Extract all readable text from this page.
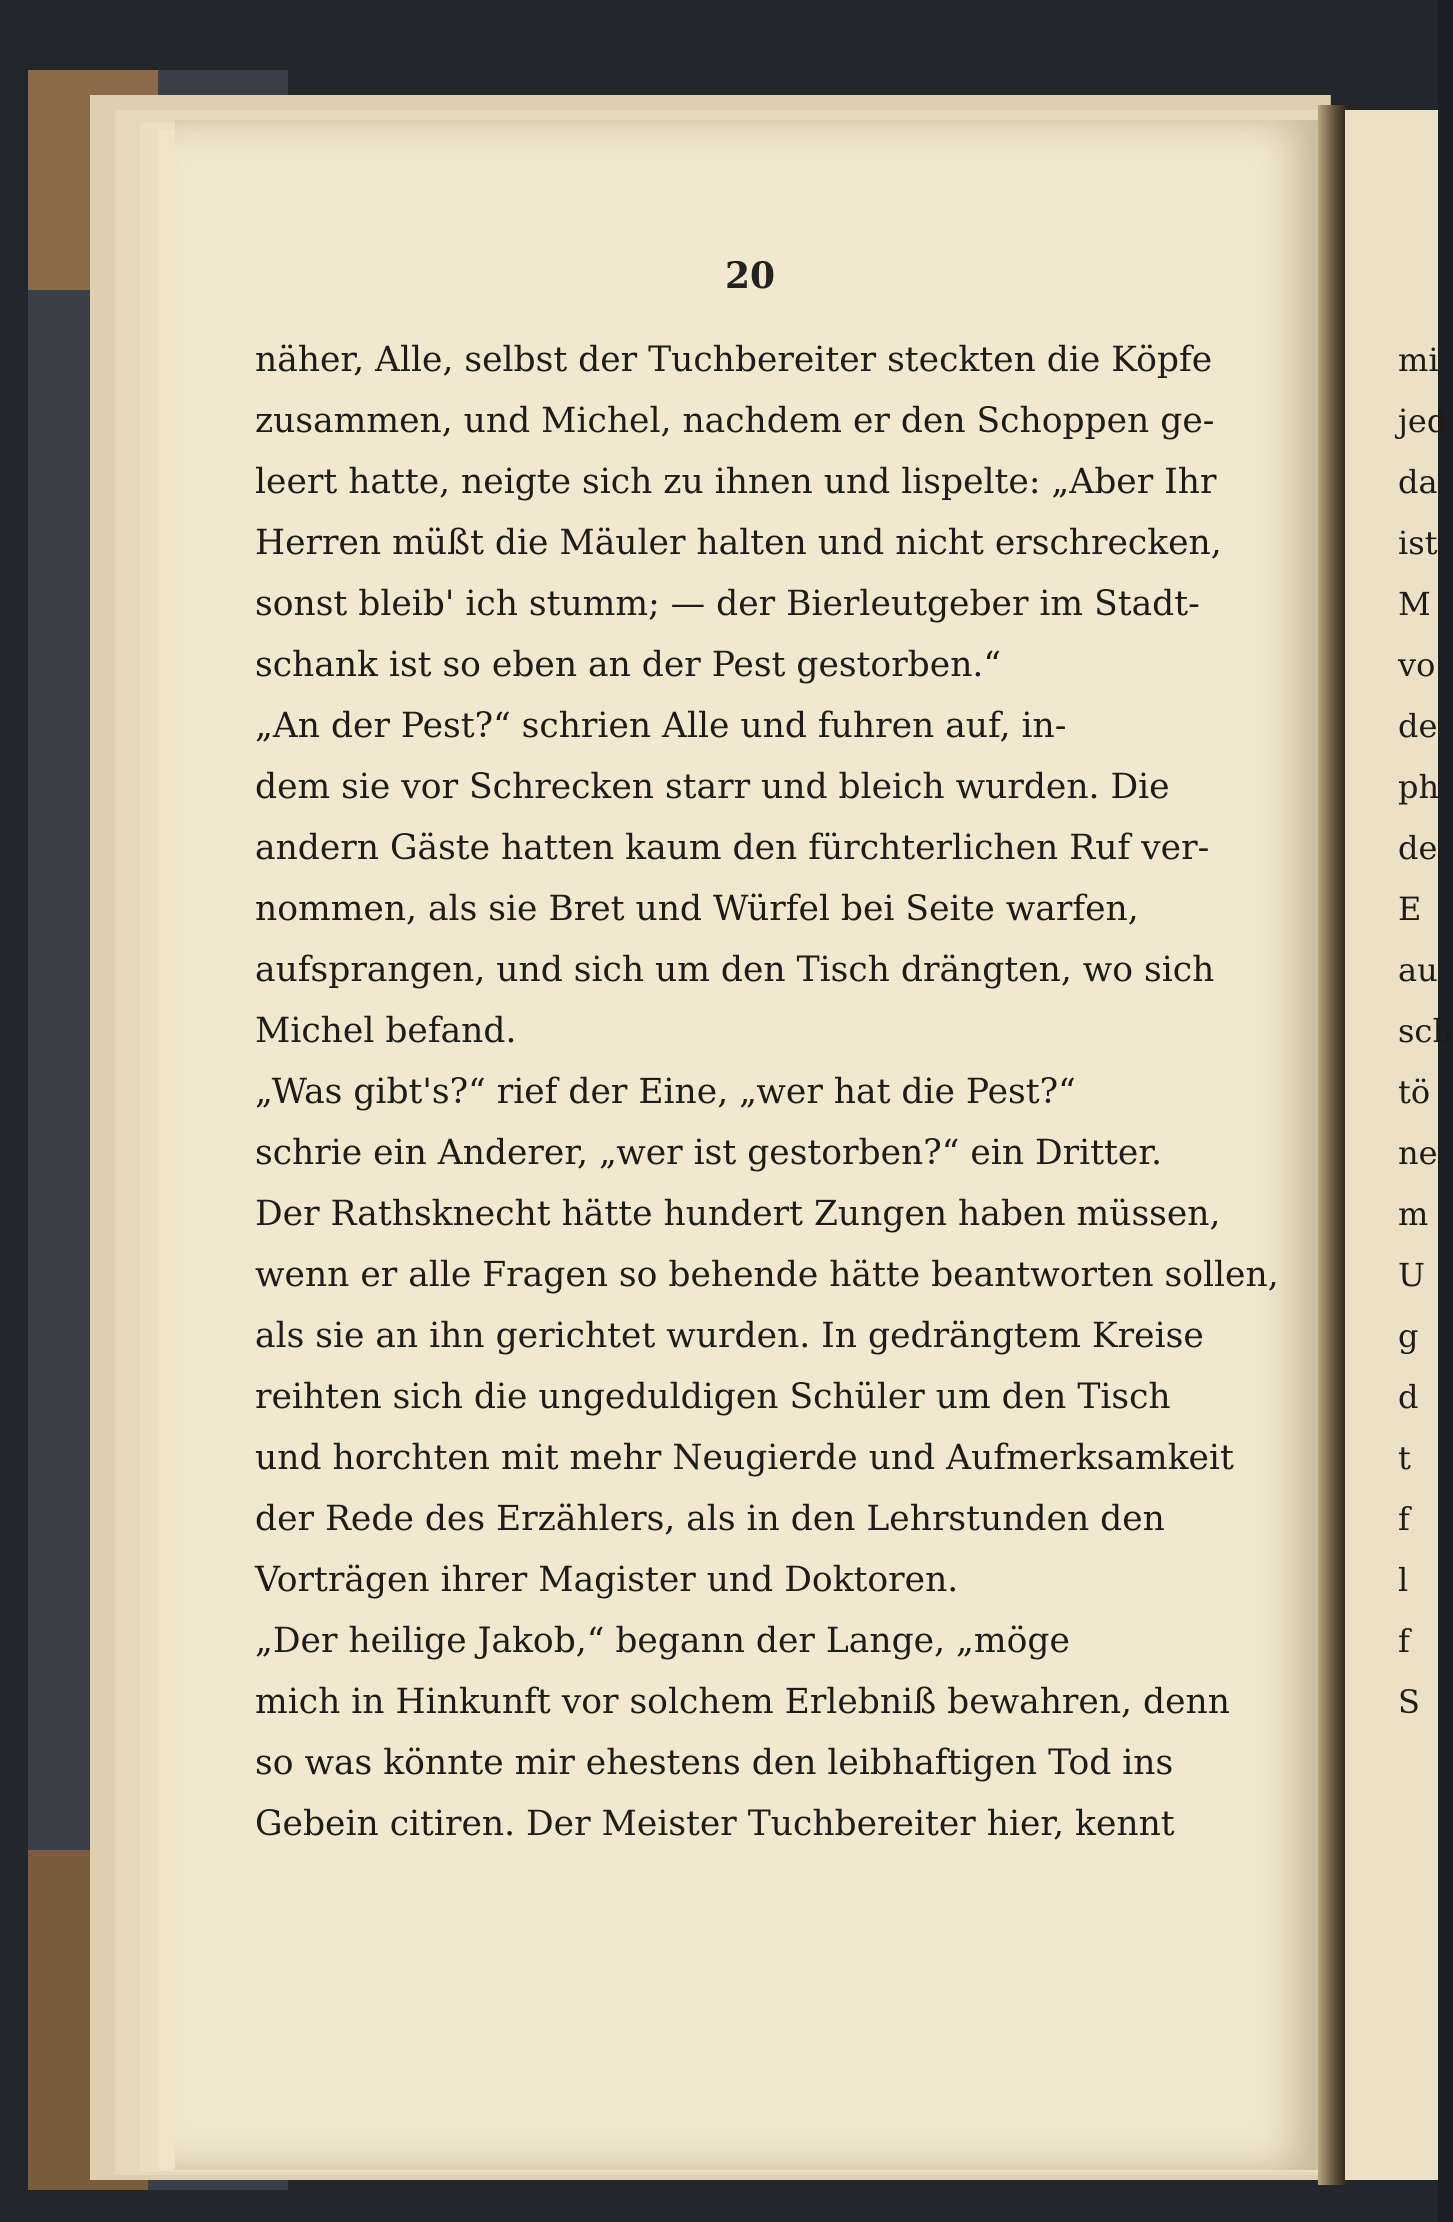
20
näher, Alle, selbst der Tuchbereiter steckten die Köpfe
zusammen, und Michel, nachdem er den Schoppen ge-
leert hatte, neigte sich zu ihnen und lispelte: „Aber Ihr
Herren müßt die Mäuler halten und nicht erschrecken,
sonst bleib' ich stumm; — der Bierleutgeber im Stadt-
schank ist so eben an der Pest gestorben.“
„An der Pest?“ schrien Alle und fuhren auf, in-
dem sie vor Schrecken starr und bleich wurden. Die
andern Gäste hatten kaum den fürchterlichen Ruf ver-
nommen, als sie Bret und Würfel bei Seite warfen,
aufsprangen, und sich um den Tisch drängten, wo sich
Michel befand.
„Was gibt's?“ rief der Eine, „wer hat die Pest?“
schrie ein Anderer, „wer ist gestorben?“ ein Dritter.
Der Rathsknecht hätte hundert Zungen haben müssen,
wenn er alle Fragen so behende hätte beantworten sollen,
als sie an ihn gerichtet wurden. In gedrängtem Kreise
reihten sich die ungeduldigen Schüler um den Tisch
und horchten mit mehr Neugierde und Aufmerksamkeit
der Rede des Erzählers, als in den Lehrstunden den
Vorträgen ihrer Magister und Doktoren.
„Der heilige Jakob,“ begann der Lange, „möge
mich in Hinkunft vor solchem Erlebniß bewahren, denn
so was könnte mir ehestens den leibhaftigen Tod ins
Gebein citiren. Der Meister Tuchbereiter hier, kennt
mi
jed
da
ist
M
vo
de
ph
de
E
au
sch
tö
ne
m
U
g
d
t
f
l
f
S
